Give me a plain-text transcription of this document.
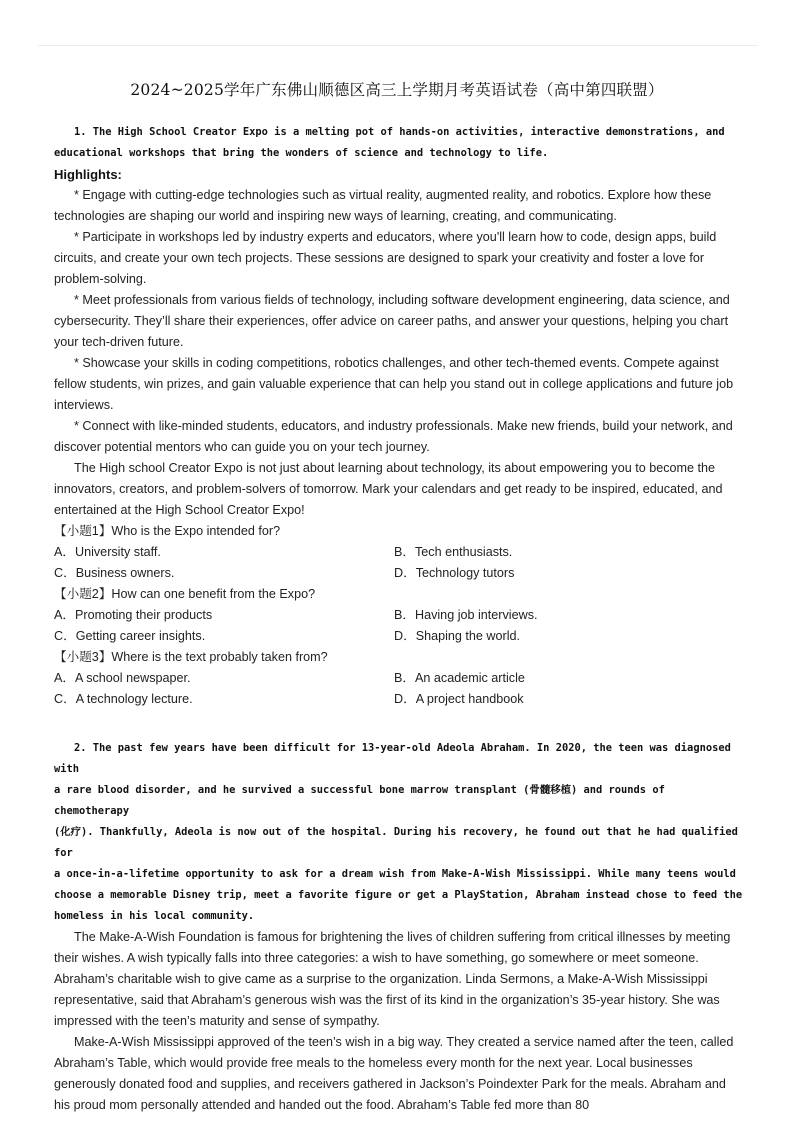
2024~2025学年广东佛山顺德区高三上学期月考英语试卷（高中第四联盟）
1. The High School Creator Expo is a melting pot of hands-on activities, interactive demonstrations, and
educational workshops that bring the wonders of science and technology to life.
Highlights:
* Engage with cutting-edge technologies such as virtual reality, augmented reality, and robotics. Explore how these technologies are shaping our world and inspiring new ways of learning, creating, and communicating.
* Participate in workshops led by industry experts and educators, where you'll learn how to code, design apps, build circuits, and create your own tech projects. These sessions are designed to spark your creativity and foster a love for problem-solving.
* Meet professionals from various fields of technology, including software development engineering, data science, and cybersecurity. They’ll share their experiences, offer advice on career paths, and answer your questions, helping you chart your tech-driven future.
* Showcase your skills in coding competitions, robotics challenges, and other tech-themed events. Compete against fellow students, win prizes, and gain valuable experience that can help you stand out in college applications and future job interviews.
* Connect with like-minded students, educators, and industry professionals. Make new friends, build your network, and discover potential mentors who can guide you on your tech journey.
The High school Creator Expo is not just about learning about technology, its about empowering you to become the innovators, creators, and problem-solvers of tomorrow. Mark your calendars and get ready to be inspired, educated, and entertained at the High School Creator Expo!
【小题1】Who is the Expo intended for?
A．University staff.	B．Tech enthusiasts.
C．Business owners.	D．Technology tutors
【小题2】How can one benefit from the Expo?
A．Promoting their products	B．Having job interviews.
C．Getting career insights.	D．Shaping the world.
【小题3】Where is the text probably taken from?
A．A school newspaper.	B．An academic article
C．A technology lecture.	D．A project handbook
2. The past few years have been difficult for 13-year-old Adeola Abraham. In 2020, the teen was diagnosed with
a rare blood disorder, and he survived a successful bone marrow transplant (骨髓移植) and rounds of chemotherapy
(化疗). Thankfully, Adeola is now out of the hospital. During his recovery, he found out that he had qualified for
a once-in-a-lifetime opportunity to ask for a dream wish from Make-A-Wish Mississippi. While many teens would
choose a memorable Disney trip, meet a favorite figure or get a PlayStation, Abraham instead chose to feed the
homeless in his local community.
The Make-A-Wish Foundation is famous for brightening the lives of children suffering from critical illnesses by meeting their wishes. A wish typically falls into three categories: a wish to have something, go somewhere or meet someone. Abraham’s charitable wish to give came as a surprise to the organization. Linda Sermons, a Make-A-Wish Mississippi representative, said that Abraham’s generous wish was the first of its kind in the organization’s 35-year history. She was impressed with the teen’s maturity and sense of sympathy.
Make-A-Wish Mississippi approved of the teen’s wish in a big way. They created a service named after the teen, called Abraham’s Table, which would provide free meals to the homeless every month for the next year. Local businesses generously donated food and supplies, and receivers gathered in Jackson’s Poindexter Park for the meals. Abraham and his proud mom personally attended and handed out the food. Abraham’s Table fed more than 80
